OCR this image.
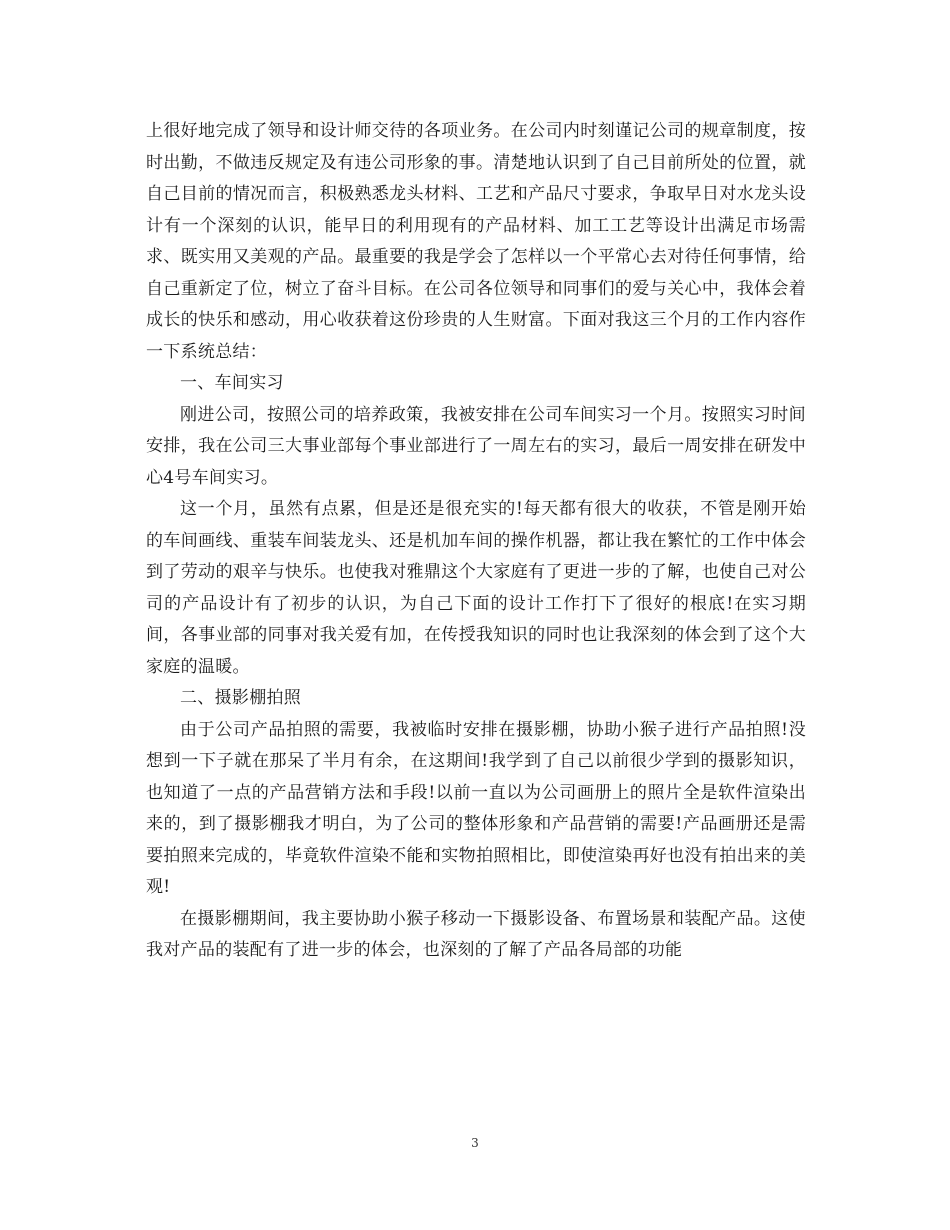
上很好地完成了领导和设计师交待的各项业务。在公司内时刻谨记公司的规章制度，按时出勤，不做违反规定及有违公司形象的事。清楚地认识到了自己目前所处的位置，就自己目前的情况而言，积极熟悉龙头材料、工艺和产品尺寸要求，争取早日对水龙头设计有一个深刻的认识，能早日的利用现有的产品材料、加工工艺等设计出满足市场需求、既实用又美观的产品。最重要的我是学会了怎样以一个平常心去对待任何事情，给自己重新定了位，树立了奋斗目标。在公司各位领导和同事们的爱与关心中，我体会着成长的快乐和感动，用心收获着这份珍贵的人生财富。下面对我这三个月的工作内容作一下系统总结：

一、车间实习

刚进公司，按照公司的培养政策，我被安排在公司车间实习一个月。按照实习时间安排，我在公司三大事业部每个事业部进行了一周左右的实习，最后一周安排在研发中心4号车间实习。

这一个月，虽然有点累，但是还是很充实的!每天都有很大的收获，不管是刚开始的车间画线、重装车间装龙头、还是机加车间的操作机器，都让我在繁忙的工作中体会到了劳动的艰辛与快乐。也使我对雅鼎这个大家庭有了更进一步的了解，也使自己对公司的产品设计有了初步的认识，为自己下面的设计工作打下了很好的根底!在实习期间，各事业部的同事对我关爱有加，在传授我知识的同时也让我深刻的体会到了这个大家庭的温暖。

二、摄影棚拍照

由于公司产品拍照的需要，我被临时安排在摄影棚，协助小猴子进行产品拍照!没想到一下子就在那呆了半月有余，在这期间!我学到了自己以前很少学到的摄影知识，也知道了一点的产品营销方法和手段!以前一直以为公司画册上的照片全是软件渲染出来的，到了摄影棚我才明白，为了公司的整体形象和产品营销的需要!产品画册还是需要拍照来完成的，毕竟软件渲染不能和实物拍照相比，即使渲染再好也没有拍出来的美观!

在摄影棚期间，我主要协助小猴子移动一下摄影设备、布置场景和装配产品。这使我对产品的装配有了进一步的体会，也深刻的了解了产品各局部的功能

3
